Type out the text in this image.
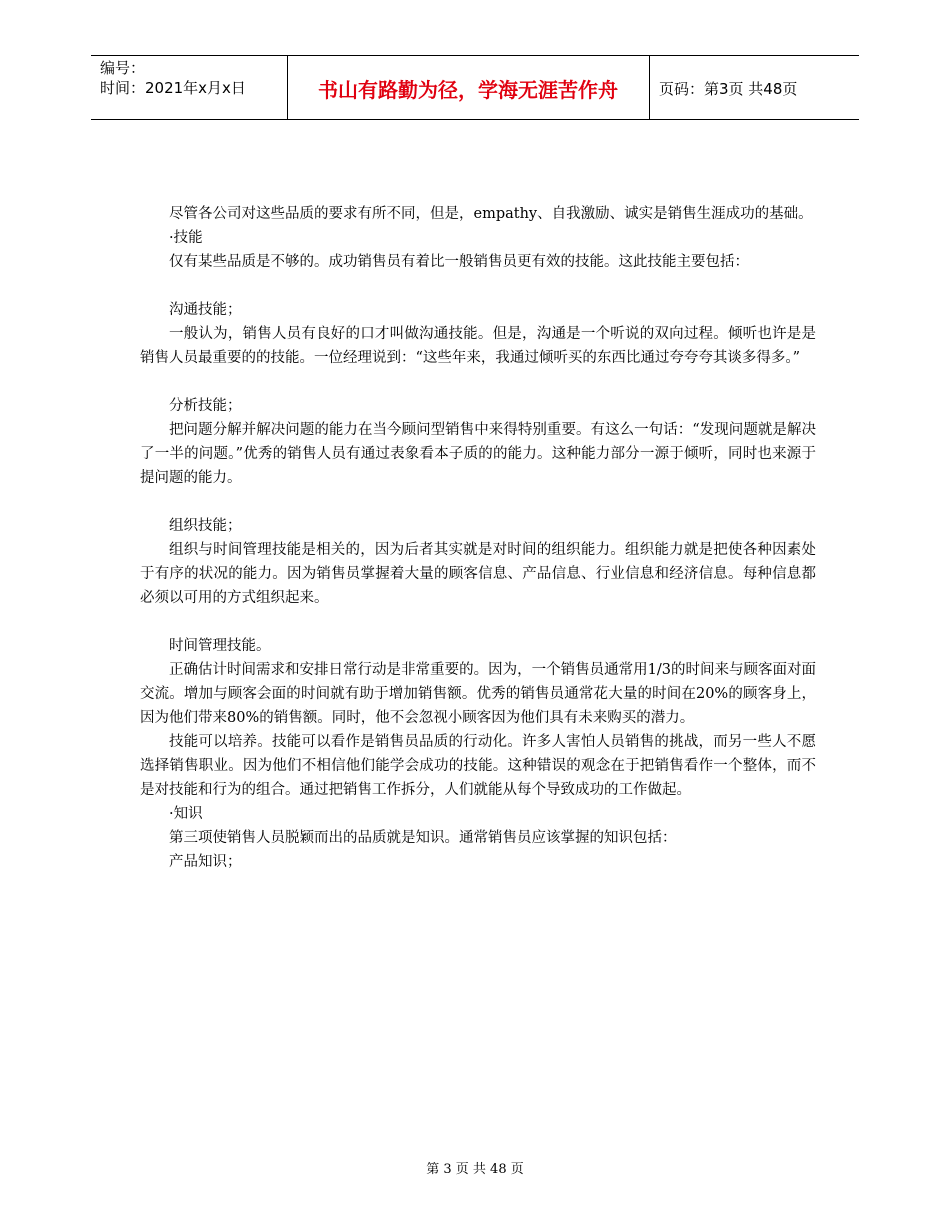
编号：
时间：2021年x月x日	书山有路勤为径，学海无涯苦作舟	页码：第3页 共48页

尽管各公司对这些品质的要求有所不同，但是，empathy、自我激励、诚实是销售生涯成功的基础。

·技能

仅有某些品质是不够的。成功销售员有着比一般销售员更有效的技能。这此技能主要包括：

沟通技能；

一般认为，销售人员有良好的口才叫做沟通技能。但是，沟通是一个听说的双向过程。倾听也许是是销售人员最重要的的技能。一位经理说到：“这些年来，我通过倾听买的东西比通过夸夸夸其谈多得多。”

分析技能；

把问题分解并解决问题的能力在当今顾问型销售中来得特别重要。有这么一句话：“发现问题就是解决了一半的问题。”优秀的销售人员有通过表象看本子质的的能力。这种能力部分一源于倾听，同时也来源于提问题的能力。

组织技能；

组织与时间管理技能是相关的，因为后者其实就是对时间的组织能力。组织能力就是把使各种因素处于有序的状况的能力。因为销售员掌握着大量的顾客信息、产品信息、行业信息和经济信息。每种信息都必须以可用的方式组织起来。

时间管理技能。

正确估计时间需求和安排日常行动是非常重要的。因为，一个销售员通常用1/3的时间来与顾客面对面交流。增加与顾客会面的时间就有助于增加销售额。优秀的销售员通常花大量的时间在20%的顾客身上，因为他们带来80%的销售额。同时，他不会忽视小顾客因为他们具有未来购买的潜力。

技能可以培养。技能可以看作是销售员品质的行动化。许多人害怕人员销售的挑战，而另一些人不愿选择销售职业。因为他们不相信他们能学会成功的技能。这种错误的观念在于把销售看作一个整体，而不是对技能和行为的组合。通过把销售工作拆分，人们就能从每个导致成功的工作做起。

·知识

第三项使销售人员脱颖而出的品质就是知识。通常销售员应该掌握的知识包括：

产品知识；

第 3 页 共 48 页
